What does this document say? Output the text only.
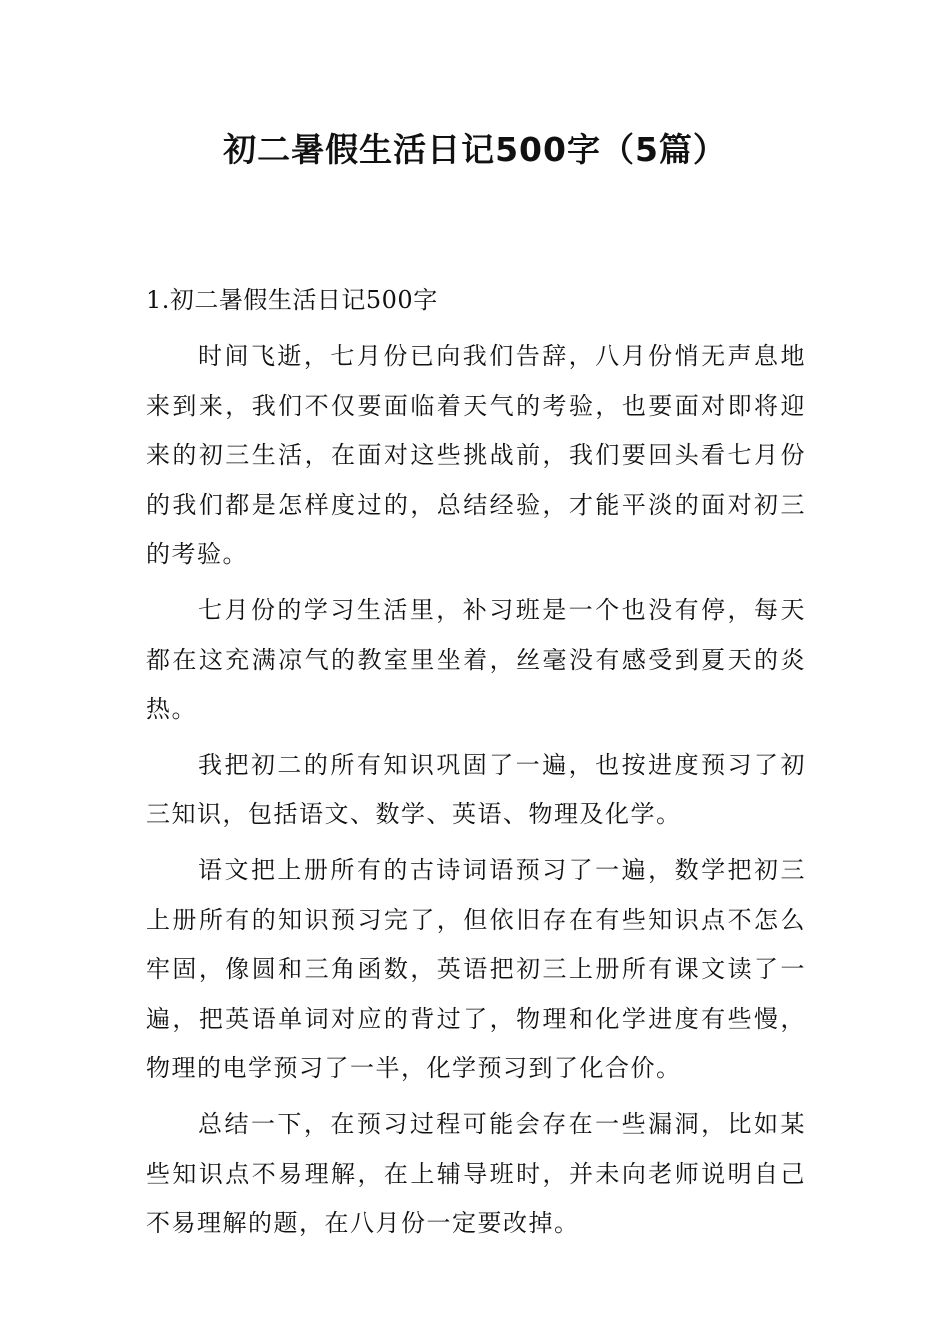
初二暑假生活日记500字（5篇）
1.初二暑假生活日记500字

时间飞逝，七月份已向我们告辞，八月份悄无声息地来到来，我们不仅要面临着天气的考验，也要面对即将迎来的初三生活，在面对这些挑战前，我们要回头看七月份的我们都是怎样度过的，总结经验，才能平淡的面对初三的考验。

七月份的学习生活里，补习班是一个也没有停，每天都在这充满凉气的教室里坐着，丝毫没有感受到夏天的炎热。

我把初二的所有知识巩固了一遍，也按进度预习了初三知识，包括语文、数学、英语、物理及化学。

语文把上册所有的古诗词语预习了一遍，数学把初三上册所有的知识预习完了，但依旧存在有些知识点不怎么牢固，像圆和三角函数，英语把初三上册所有课文读了一遍，把英语单词对应的背过了，物理和化学进度有些慢，物理的电学预习了一半，化学预习到了化合价。

总结一下，在预习过程可能会存在一些漏洞，比如某些知识点不易理解，在上辅导班时，并未向老师说明自己不易理解的题，在八月份一定要改掉。
